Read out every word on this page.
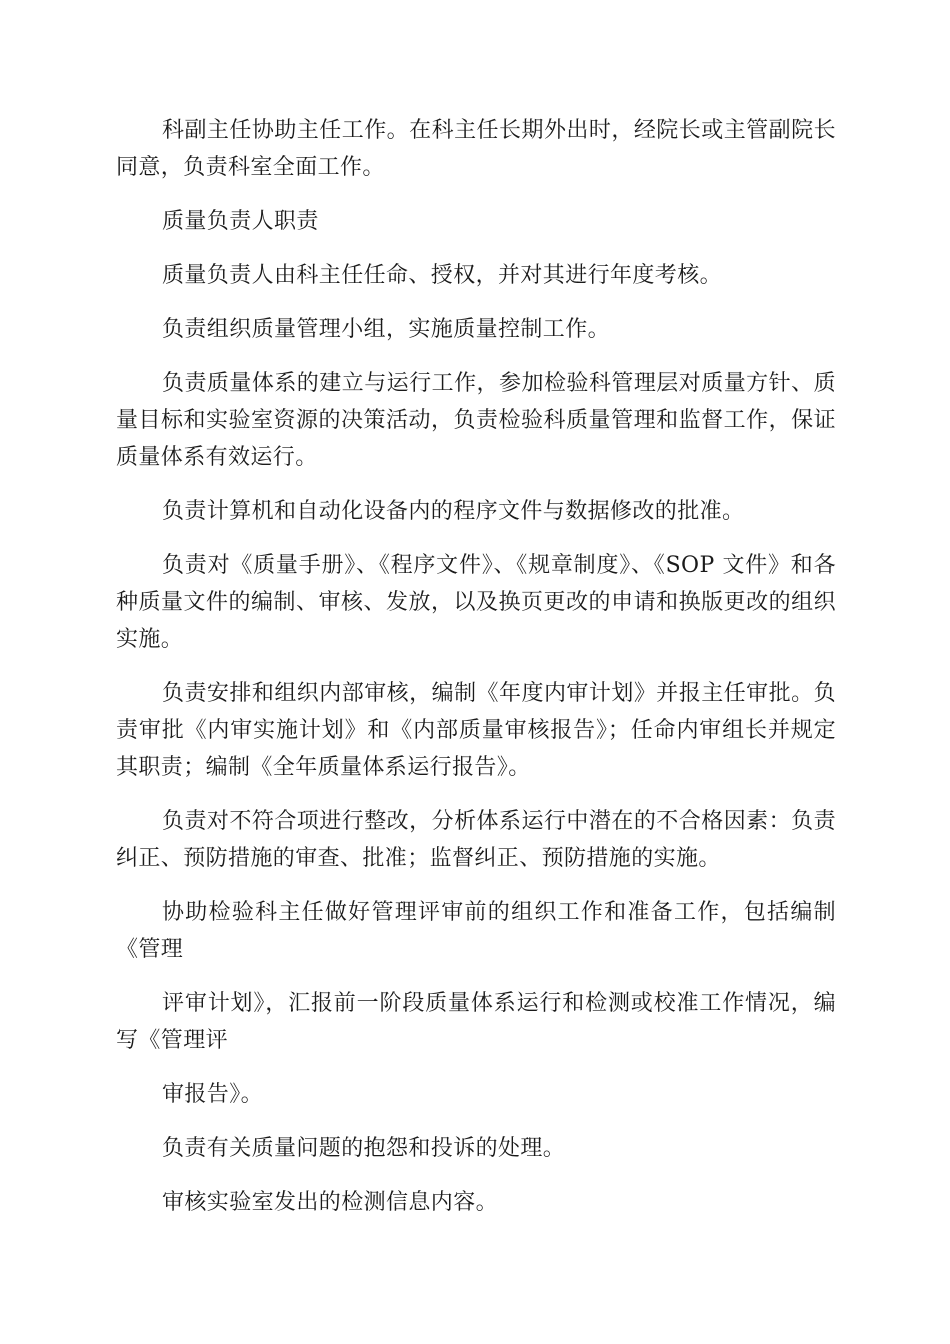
科副主任协助主任工作。在科主任长期外出时，经院长或主管副院长同意，负责科室全面工作。

质量负责人职责

质量负责人由科主任任命、授权，并对其进行年度考核。

负责组织质量管理小组，实施质量控制工作。

负责质量体系的建立与运行工作，参加检验科管理层对质量方针、质量目标和实验室资源的决策活动，负责检验科质量管理和监督工作，保证质量体系有效运行。

负责计算机和自动化设备内的程序文件与数据修改的批准。

负责对《质量手册》、《程序文件》、《规章制度》、《SOP 文件》和各种质量文件的编制、审核、发放，以及换页更改的申请和换版更改的组织实施。

负责安排和组织内部审核，编制《年度内审计划》并报主任审批。负责审批《内审实施计划》和《内部质量审核报告》；任命内审组长并规定其职责；编制《全年质量体系运行报告》。

负责对不符合项进行整改，分析体系运行中潜在的不合格因素：负责纠正、预防措施的审查、批准；监督纠正、预防措施的实施。

协助检验科主任做好管理评审前的组织工作和准备工作，包括编制《管理

评审计划》，汇报前一阶段质量体系运行和检测或校准工作情况，编写《管理评

审报告》。

负责有关质量问题的抱怨和投诉的处理。

审核实验室发出的检测信息内容。
